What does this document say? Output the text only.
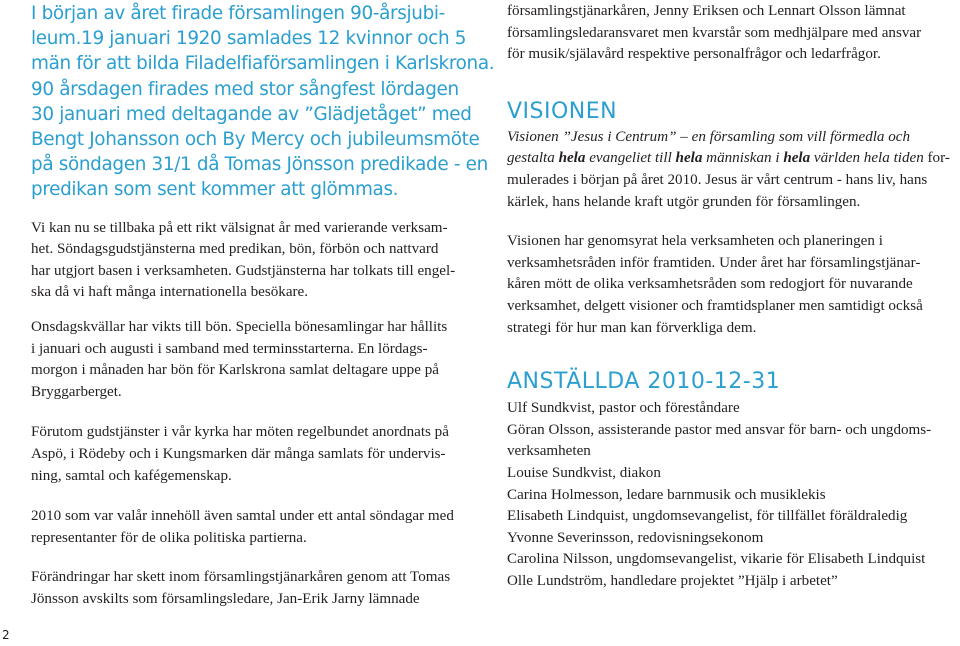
I början av året firade församlingen 90-årsjubi-
leum.19 januari 1920 samlades 12 kvinnor och 5
män för att bilda Filadelfiaförsamlingen i Karlskrona.
90 årsdagen firades med stor sångfest lördagen
30 januari med deltagande av ”Glädjetåget” med
Bengt Johansson och By Mercy och jubileumsmöte
på söndagen 31/1 då Tomas Jönsson predikade - en
predikan som sent kommer att glömmas.

Vi kan nu se tillbaka på ett rikt välsignat år med varierande verksam-
het. Söndagsgudstjänsterna med predikan, bön, förbön och nattvard
har utgjort basen i verksamheten. Gudstjänsterna har tolkats till engel-
ska då vi haft många internationella besökare.

Onsdagskvällar har vikts till bön. Speciella bönesamlingar har hållits
i januari och augusti i samband med terminsstarterna. En lördags-
morgon i månaden har bön för Karlskrona samlat deltagare uppe på
Bryggarberget.

Förutom gudstjänster i vår kyrka har möten regelbundet anordnats på
Aspö, i Rödeby och i Kungsmarken där många samlats för undervis-
ning, samtal och kafégemenskap.

2010 som var valår innehöll även samtal under ett antal söndagar med
representanter för de olika politiska partierna.

Förändringar har skett inom församlingstjänarkåren genom att Tomas
Jönsson avskilts som församlingsledare, Jan-Erik Jarny lämnade

församlingstjänarkåren, Jenny Eriksen och Lennart Olsson lämnat
församlingsledaransvaret men kvarstår som medhjälpare med ansvar
för musik/själavård respektive personalfrågor och ledarfrågor.

VISIONEN

Visionen ”Jesus i Centrum” – en församling som vill förmedla och
gestalta hela evangeliet till hela människan i hela världen hela tiden for-
mulerades i början på året 2010. Jesus är vårt centrum - hans liv, hans
kärlek, hans helande kraft utgör grunden för församlingen.

Visionen har genomsyrat hela verksamheten och planeringen i
verksamhetsråden inför framtiden. Under året har församlingstjänar-
kåren mött de olika verksamhetsråden som redogjort för nuvarande
verksamhet, delgett visioner och framtidsplaner men samtidigt också
strategi för hur man kan förverkliga dem.

ANSTÄLLDA 2010-12-31
Ulf Sundkvist, pastor och föreståndare
Göran Olsson, assisterande pastor med ansvar för barn- och ungdoms-
verksamheten
Louise Sundkvist, diakon
Carina Holmesson, ledare barnmusik och musiklekis
Elisabeth Lindquist, ungdomsevangelist, för tillfället föräldraledig
Yvonne Severinsson, redovisningsekonom
Carolina Nilsson, ungdomsevangelist, vikarie för Elisabeth Lindquist
Olle Lundström, handledare projektet ”Hjälp i arbetet”
2
